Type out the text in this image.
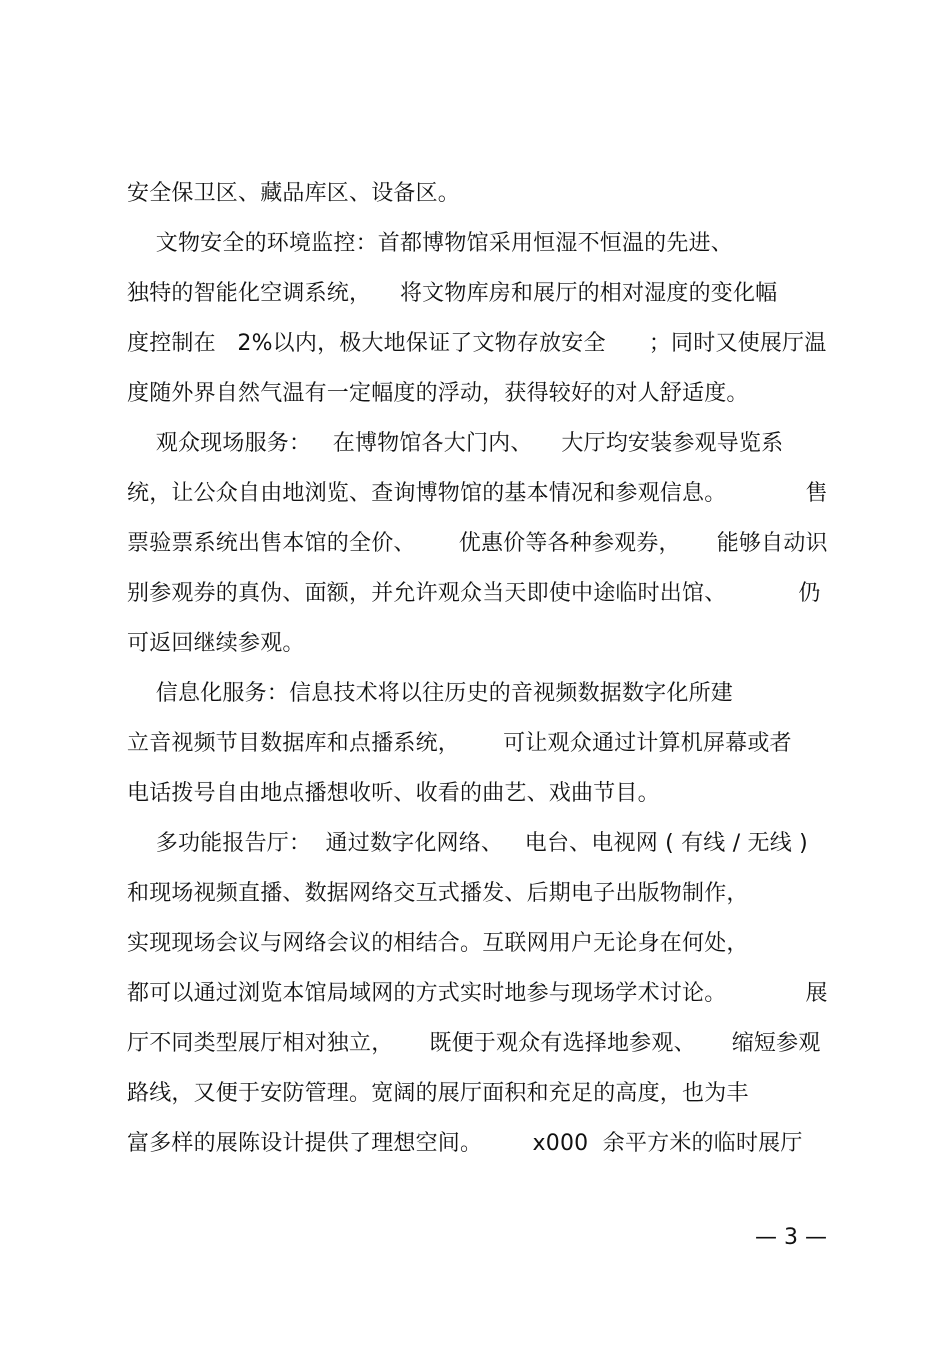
安全保卫区、藏品库区、设备区。
文物安全的环境监控：首都博物馆采用恒湿不恒温的先进、
独特的智能化空调系统，    将文物库房和展厅的相对湿度的变化幅
度控制在   2%以内，极大地保证了文物存放安全      ；同时又使展厅温
度随外界自然气温有一定幅度的浮动，获得较好的对人舒适度。
观众现场服务：   在博物馆各大门内、    大厅均安装参观导览系
统，让公众自由地浏览、查询博物馆的基本情况和参观信息。           售
票验票系统出售本馆的全价、      优惠价等各种参观券，     能够自动识
别参观券的真伪、面额，并允许观众当天即使中途临时出馆、          仍
可返回继续参观。
信息化服务：信息技术将以往历史的音视频数据数字化所建
立音视频节目数据库和点播系统，      可让观众通过计算机屏幕或者
电话拨号自由地点播想收听、收看的曲艺、戏曲节目。
多功能报告厅：  通过数字化网络、   电台、电视网 ( 有线 / 无线 )
和现场视频直播、数据网络交互式播发、后期电子出版物制作，
实现现场会议与网络会议的相结合。互联网用户无论身在何处，
都可以通过浏览本馆局域网的方式实时地参与现场学术讨论。           展
厅不同类型展厅相对独立，     既便于观众有选择地参观、     缩短参观
路线，又便于安防管理。宽阔的展厅面积和充足的高度，也为丰
富多样的展陈设计提供了理想空间。       x000  余平方米的临时展厅
— 3 —
